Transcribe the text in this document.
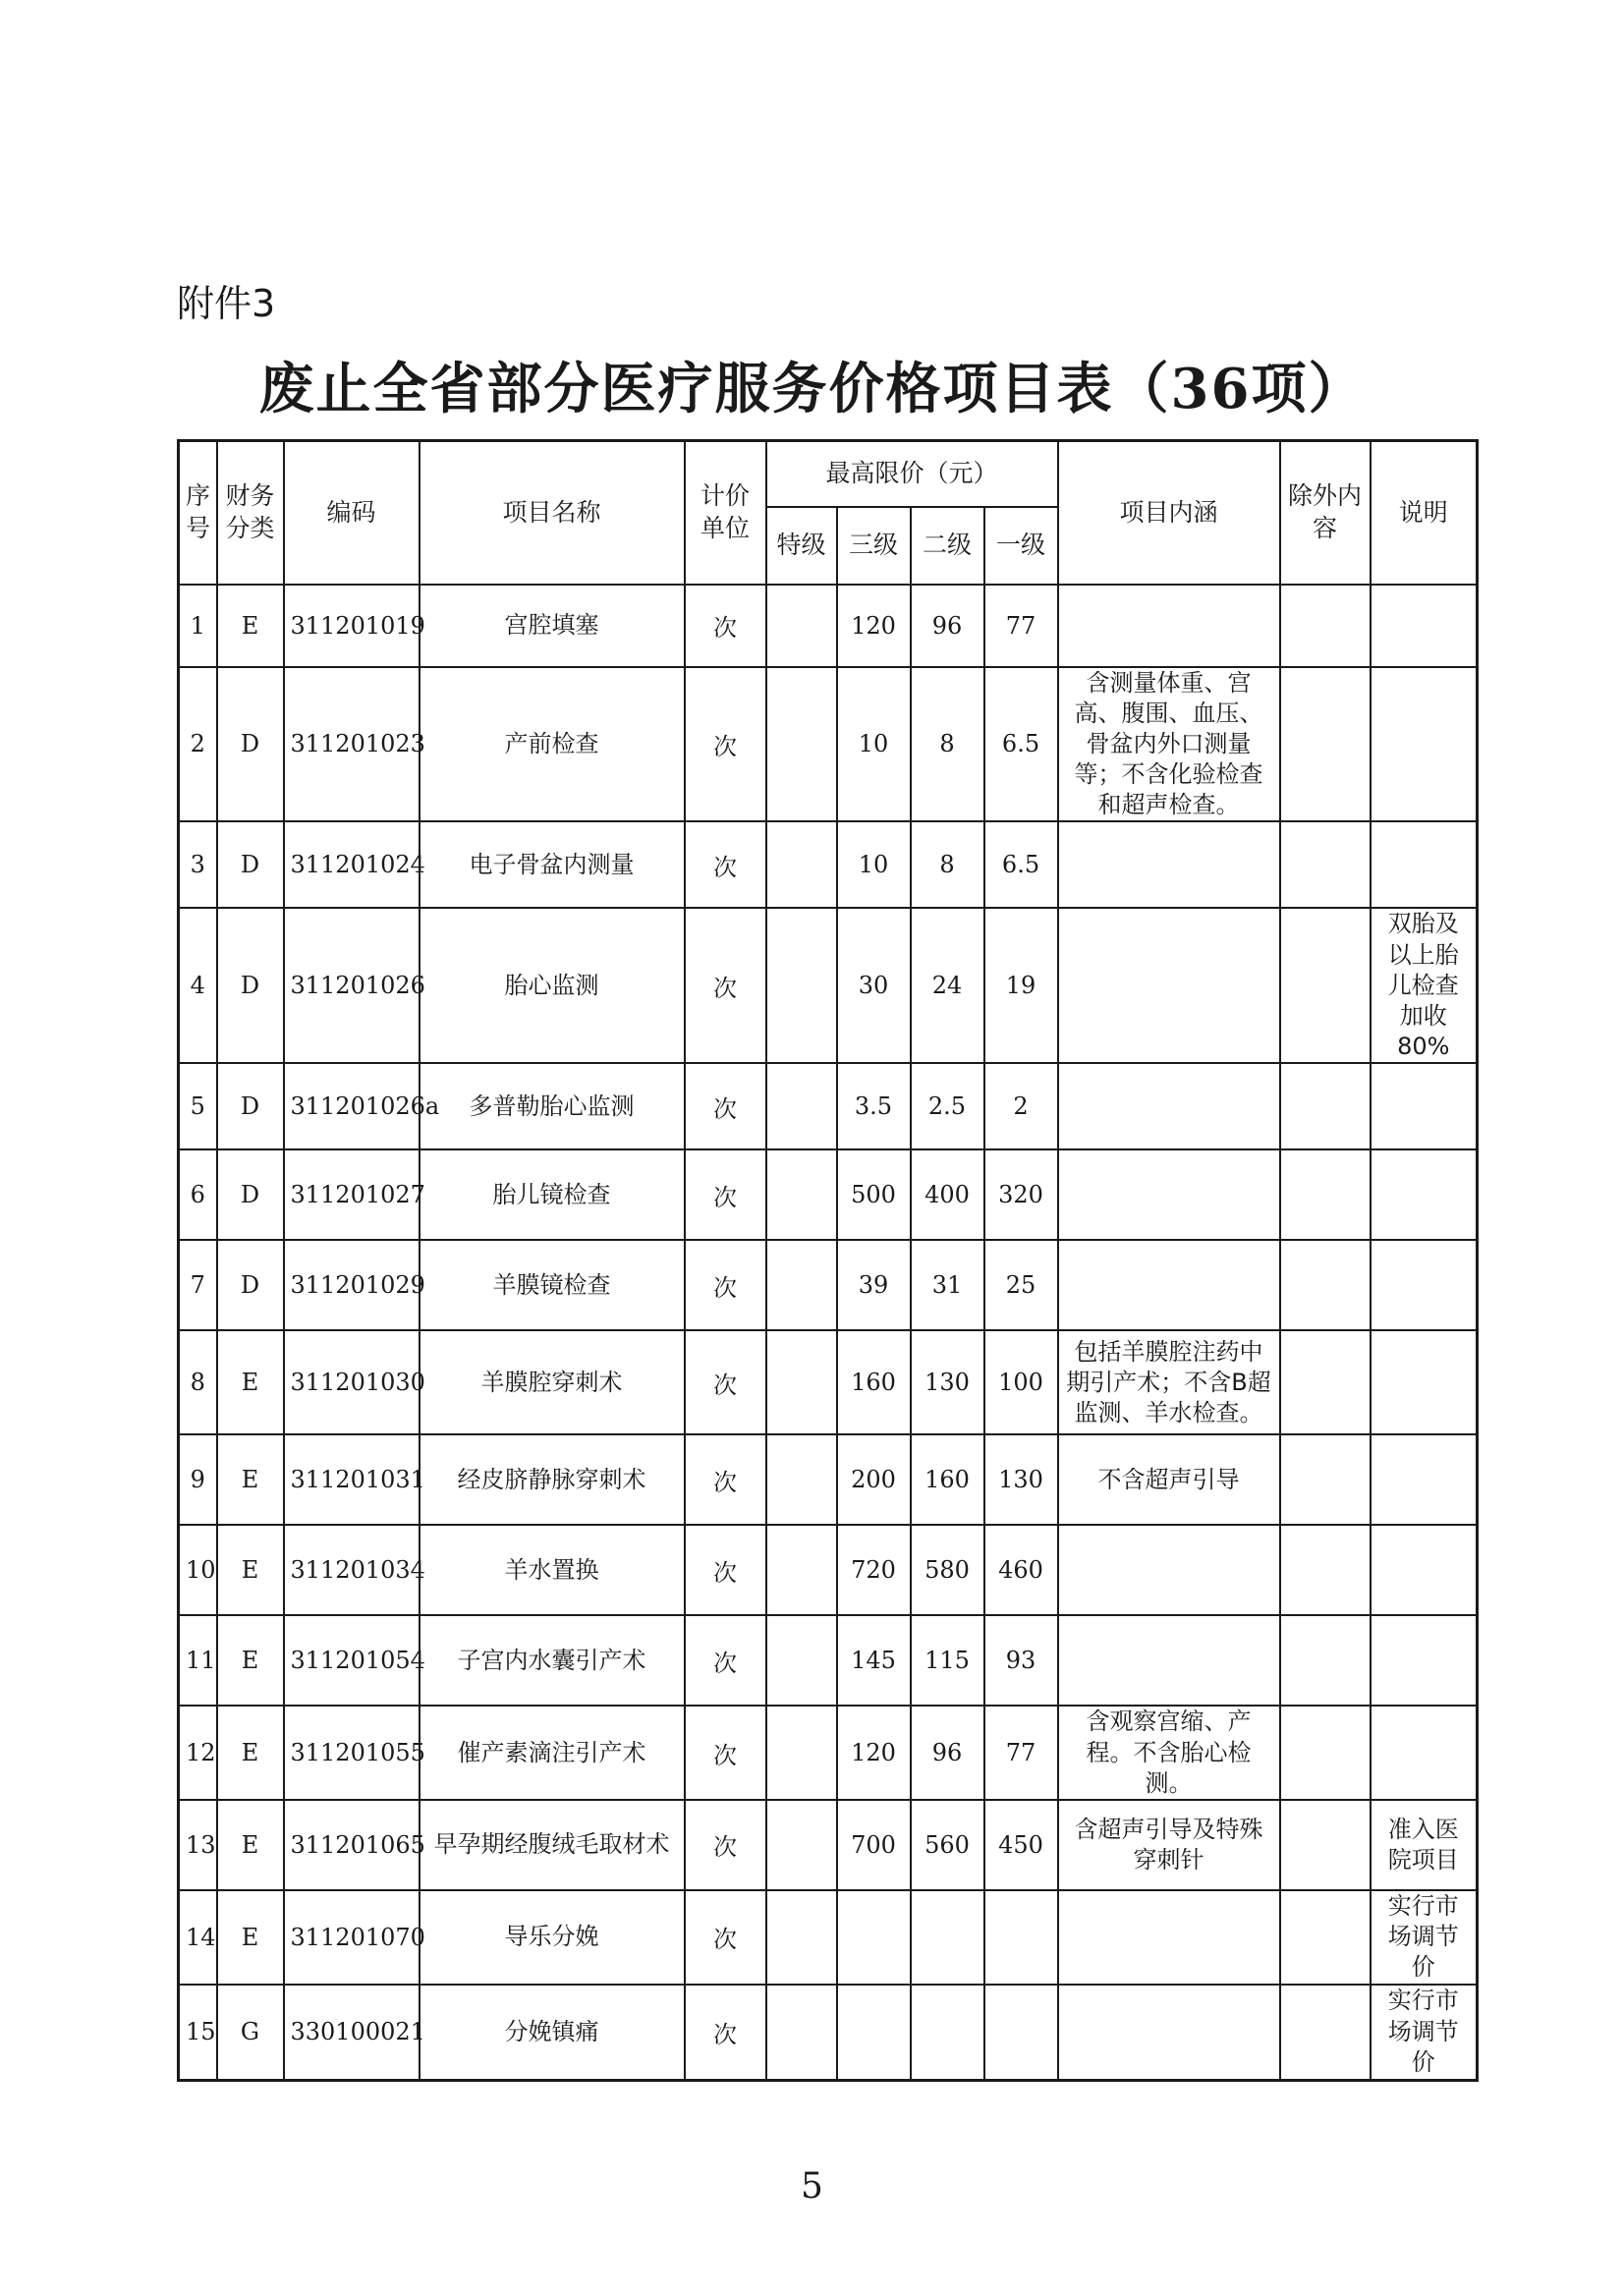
附件3
废止全省部分医疗服务价格项目表（36项）
序号	财务分类	编码	项目名称	计价单位	最高限价（元）				项目内涵	除外内容	说明
					特级	三级	二级	一级			
1	E	311201019	宫腔填塞	次		120	96	77			
2	D	311201023	产前检查	次		10	8	6.5	含测量体重、宫高、腹围、血压、骨盆内外口测量等；不含化验检查和超声检查。		
3	D	311201024	电子骨盆内测量	次		10	8	6.5			
4	D	311201026	胎心监测	次		30	24	19			双胎及以上胎儿检查加收80%
5	D	311201026a	多普勒胎心监测	次		3.5	2.5	2			
6	D	311201027	胎儿镜检查	次		500	400	320			
7	D	311201029	羊膜镜检查	次		39	31	25			
8	E	311201030	羊膜腔穿刺术	次		160	130	100	包括羊膜腔注药中期引产术；不含B超监测、羊水检查。		
9	E	311201031	经皮脐静脉穿刺术	次		200	160	130	不含超声引导		
10	E	311201034	羊水置换	次		720	580	460			
11	E	311201054	子宫内水囊引产术	次		145	115	93			
12	E	311201055	催产素滴注引产术	次		120	96	77	含观察宫缩、产程。不含胎心检测。		
13	E	311201065	早孕期经腹绒毛取材术	次		700	560	450	含超声引导及特殊穿刺针		准入医院项目
14	E	311201070	导乐分娩	次							实行市场调节价
15	G	330100021	分娩镇痛	次							实行市场调节价
5
